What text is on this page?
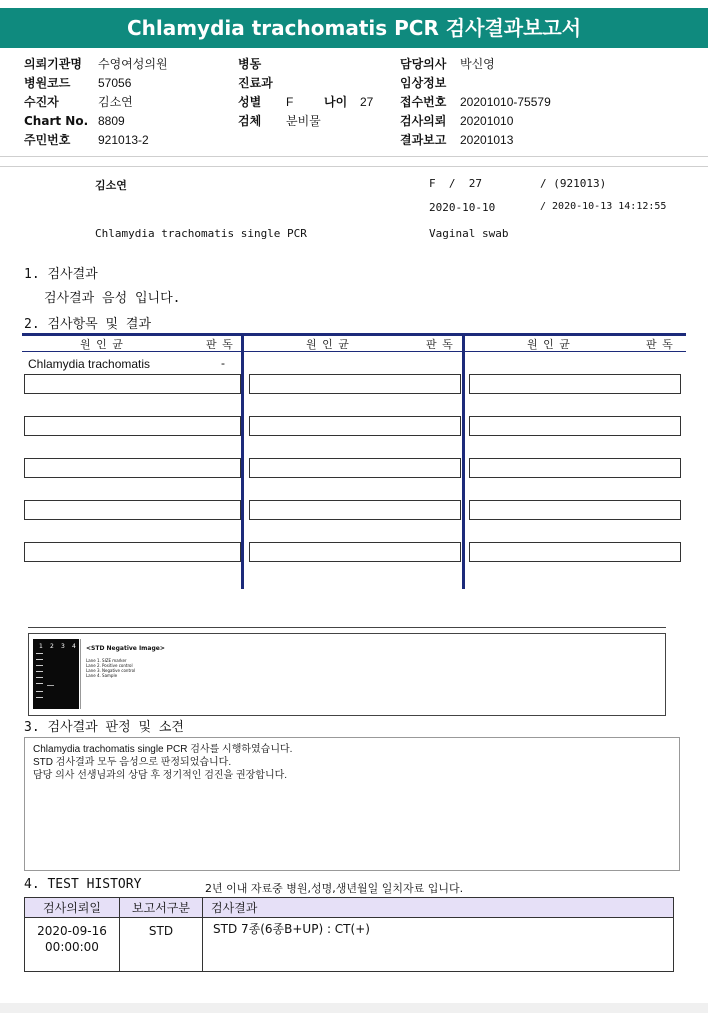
Chlamydia trachomatis PCR 검사결과보고서
의뢰기관명 수영여성의원
병원코드 57056
수진자	김소연
Chart No. 8809
주민번호 921013-2
병동
진료과
성별 F	나이 27
검체 분비물
담당의사 박신영
임상정보
접수번호 20201010-75579
검사의뢰 20201010
결과보고 20201013
김소연	F  /  27	/ (921013)
2020-10-10	/ 2020-10-13 14:12:55
Chlamydia trachomatis single PCR	Vaginal swab
1. 검사결과
검사결과 음성 입니다.
2. 검사항목 및 결과
원 인 균	판 독	원 인 균	판 독	원 인 균	판 독
Chlamydia trachomatis	-
1 2 3 4 <STD Negative Image>
Lane 1. SIZE marker
Lane 2. Positive control
Lane 3. Negative control
Lane 4. Sample
3. 검사결과 판정 및 소견
Chlamydia trachomatis single PCR 검사를 시행하였습니다.
STD 검사결과 모두 음성으로 판정되었습니다.
담당 의사 선생님과의 상담 후 정기적인 검진을 권장합니다.
4. TEST HISTORY	2년 이내 자료중 병원,성명,생년월일 일치자료 입니다.
검사의뢰일	보고서구분	검사결과

2020-09-16
00:00:00	STD	STD 7종(6종B+UP) : CT(+)
